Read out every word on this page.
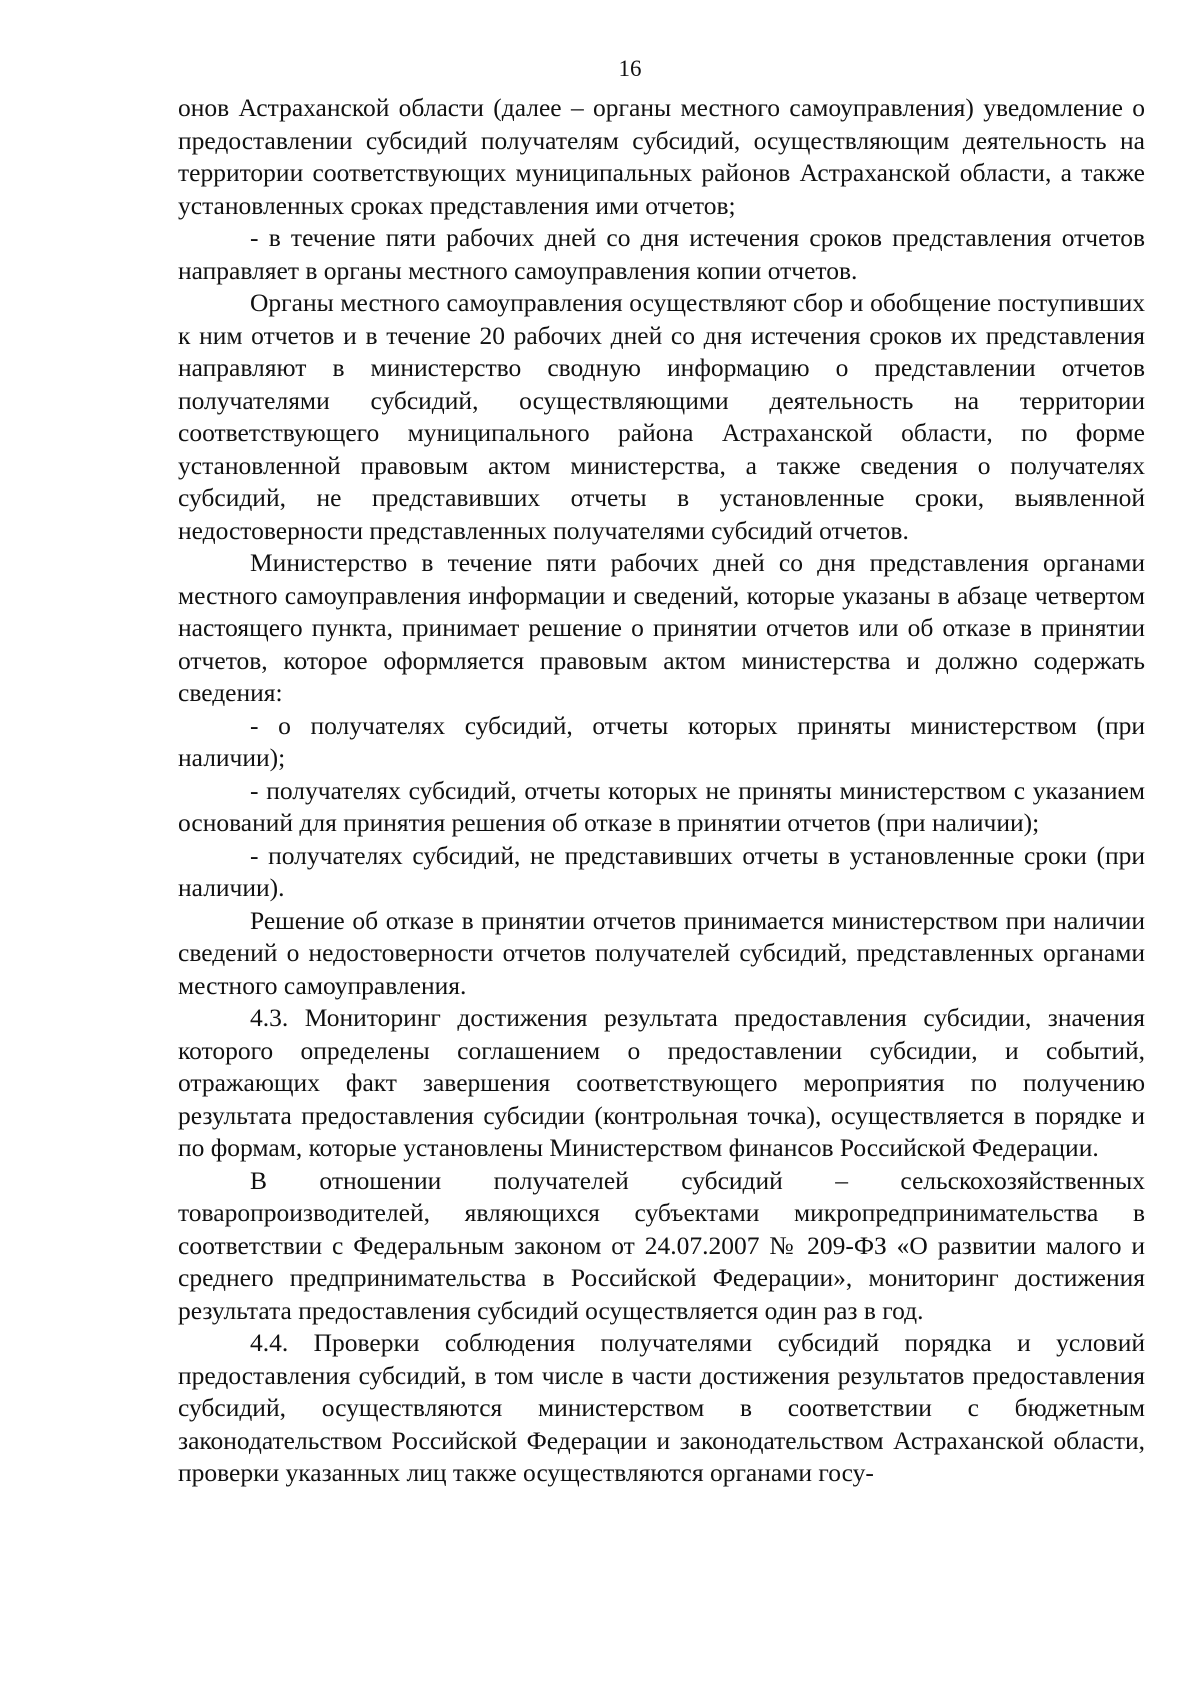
16

онов Астраханской области (далее – органы местного самоуправления) уведомление о предоставлении субсидий получателям субсидий, осуществляющим деятельность на территории соответствующих муниципальных районов Астраханской области, а также установленных сроках представления ими отчетов;

- в течение пяти рабочих дней со дня истечения сроков представления отчетов направляет в органы местного самоуправления копии отчетов.

Органы местного самоуправления осуществляют сбор и обобщение поступивших к ним отчетов и в течение 20 рабочих дней со дня истечения сроков их представления направляют в министерство сводную информацию о представлении отчетов получателями субсидий, осуществляющими деятельность на территории соответствующего муниципального района Астраханской области, по форме установленной правовым актом министерства, а также сведения о получателях субсидий, не представивших отчеты в установленные сроки, выявленной недостоверности представленных получателями субсидий отчетов.

Министерство в течение пяти рабочих дней со дня представления органами местного самоуправления информации и сведений, которые указаны в абзаце четвертом настоящего пункта, принимает решение о принятии отчетов или об отказе в принятии отчетов, которое оформляется правовым актом министерства и должно содержать сведения:

- о получателях субсидий, отчеты которых приняты министерством (при наличии);

- получателях субсидий, отчеты которых не приняты министерством с указанием оснований для принятия решения об отказе в принятии отчетов (при наличии);

- получателях субсидий, не представивших отчеты в установленные сроки (при наличии).

Решение об отказе в принятии отчетов принимается министерством при наличии сведений о недостоверности отчетов получателей субсидий, представленных органами местного самоуправления.

4.3. Мониторинг достижения результата предоставления субсидии, значения которого определены соглашением о предоставлении субсидии, и событий, отражающих факт завершения соответствующего мероприятия по получению результата предоставления субсидии (контрольная точка), осуществляется в порядке и по формам, которые установлены Министерством финансов Российской Федерации.

В отношении получателей субсидий – сельскохозяйственных товаропроизводителей, являющихся субъектами микропредпринимательства в соответствии с Федеральным законом от 24.07.2007 № 209-ФЗ «О развитии малого и среднего предпринимательства в Российской Федерации», мониторинг достижения результата предоставления субсидий осуществляется один раз в год.

4.4. Проверки соблюдения получателями субсидий порядка и условий предоставления субсидий, в том числе в части достижения результатов предоставления субсидий, осуществляются министерством в соответствии с бюджетным законодательством Российской Федерации и законодательством Астраханской области, проверки указанных лиц также осуществляются органами госу-
